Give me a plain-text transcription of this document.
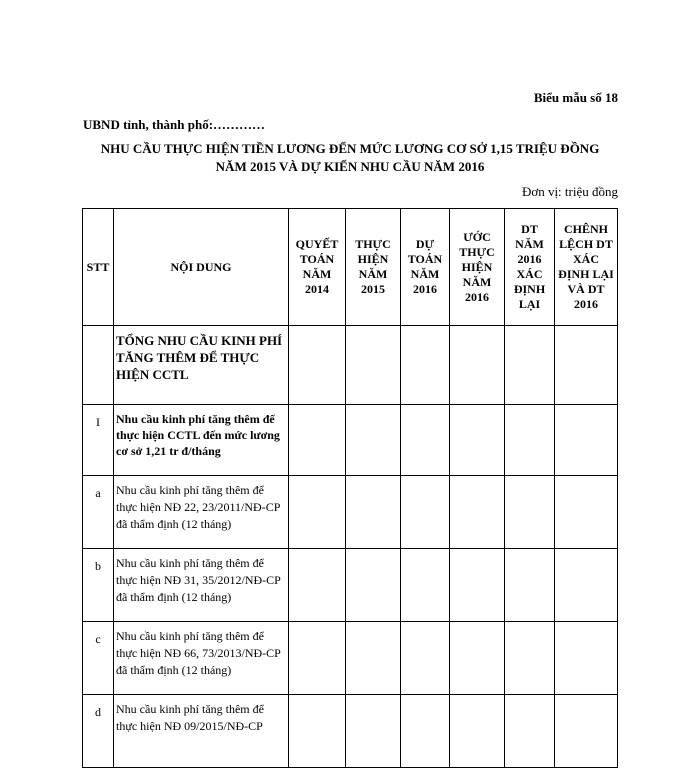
Biểu mẫu số 18
UBND tỉnh, thành phố:…………
NHU CẦU THỰC HIỆN TIỀN LƯƠNG ĐẾN MỨC LƯƠNG CƠ SỞ 1,15 TRIỆU ĐỒNG
NĂM 2015 VÀ DỰ KIẾN NHU CẦU NĂM 2016
Đơn vị: triệu đồng
STT	NỘI DUNG	QUYẾT TOÁN NĂM 2014	THỰC HIỆN NĂM 2015	DỰ TOÁN NĂM 2016	ƯỚC THỰC HIỆN NĂM 2016	DT NĂM 2016 XÁC ĐỊNH LẠI	CHÊNH LỆCH DT XÁC ĐỊNH LẠI VÀ DT 2016
	TỔNG NHU CẦU KINH PHÍ TĂNG THÊM ĐỂ THỰC HIỆN CCTL						
I	Nhu cầu kinh phí tăng thêm để thực hiện CCTL đến mức lương cơ sở 1,21 tr đ/tháng						
a	Nhu cầu kinh phí tăng thêm để thực hiện NĐ 22, 23/2011/NĐ-CP đã thẩm định (12 tháng)						
b	Nhu cầu kinh phí tăng thêm để thực hiện NĐ 31, 35/2012/NĐ-CP đã thẩm định (12 tháng)						
c	Nhu cầu kinh phí tăng thêm để thực hiện NĐ 66, 73/2013/NĐ-CP đã thẩm định (12 tháng)						
d	Nhu cầu kinh phí tăng thêm để thực hiện NĐ 09/2015/NĐ-CP						
